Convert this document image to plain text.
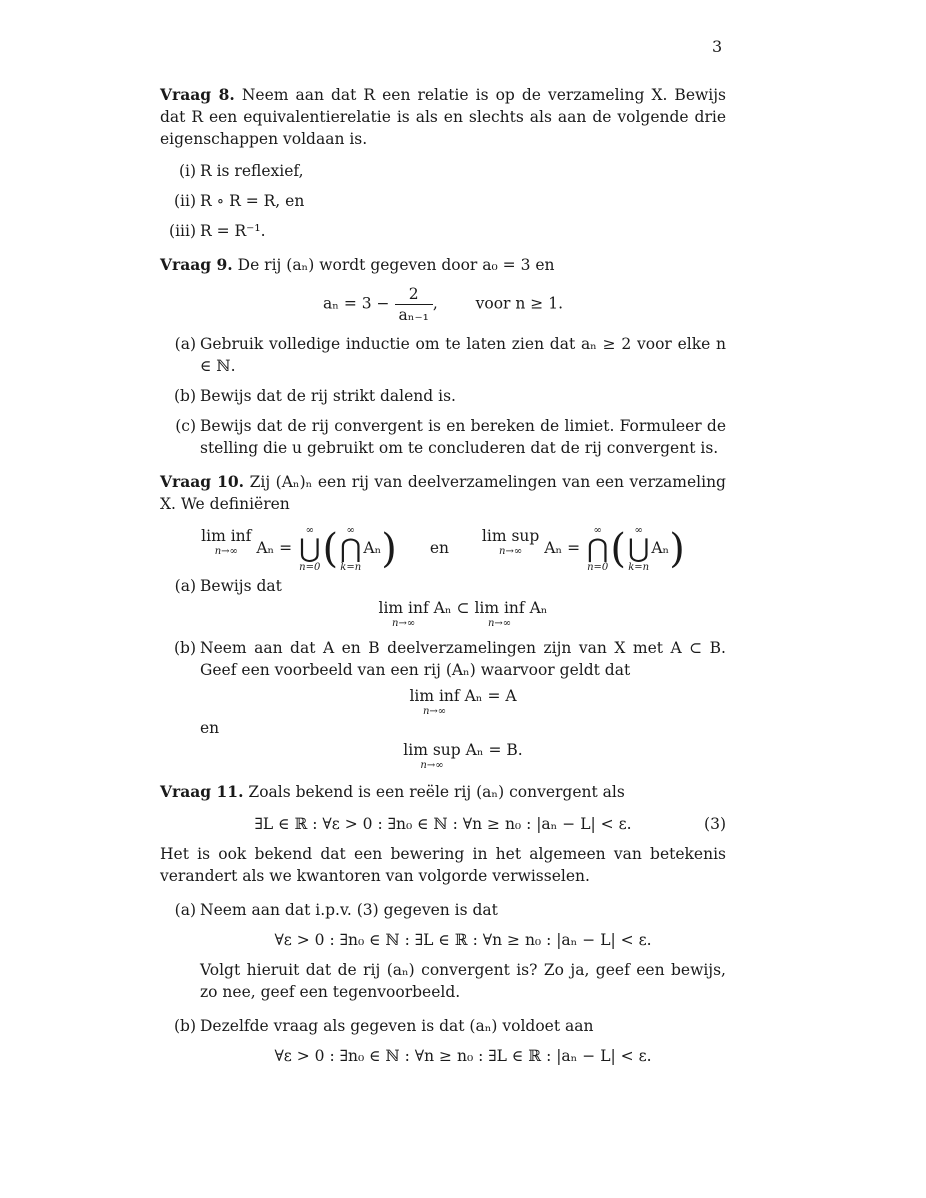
3

Vraag 8. Neem aan dat R een relatie is op de verzameling X. Bewijs dat R een equivalentierelatie is als en slechts als aan de volgende drie eigenschappen voldaan is.

(i) R is reflexief,
(ii) R ∘ R = R, en
(iii) R = R⁻¹.

Vraag 9. De rij (aₙ) wordt gegeven door a₀ = 3 en

$a_n = 3 - \frac{2}{\text{aₙ₋₁}}$ ,  voor n ≥ 1.
(a) Gebruik volledige inductie om te laten zien dat aₙ ≥ 2 voor elke n ∈ ℕ.
(b) Bewijs dat de rij strikt dalend is.
(c) Bewijs dat de rij convergent is en bereken de limiet. Formuleer de stelling die u gebruikt om te concluderen dat de rij convergent is.

Vraag 10. Zij (Aₙ)ₙ een rij van deelverzamelingen van een verzameling X. We definiëren

lim inf
n→∞	Aₙ =
∞
⋃
n=0 ( ∞
⋂
k=n
Aₙ) en lim sup
n→∞	Aₙ =
∞
⋂
n=0 ( ∞
⋃
k=n
Aₙ)
(a) Bewijs dat
lim inf
n→∞
Aₙ ⊂ lim inf
n→∞
Aₙ
(b) Neem aan dat A en B deelverzamelingen zijn van X met A ⊂ B. Geef een voorbeeld van een rij (Aₙ) waarvoor geldt dat
lim inf
n→∞
Aₙ = A
en
lim sup
n→∞
Aₙ = B.

Vraag 11. Zoals bekend is een reële rij (aₙ) convergent als

∃L ∈ ℝ : ∀ε > 0 : ∃n₀ ∈ ℕ : ∀n ≥ n₀ : |aₙ − L| < ε.	(3)

Het is ook bekend dat een bewering in het algemeen van betekenis verandert als we kwantoren van volgorde verwisselen.

(a) Neem aan dat i.p.v. (3) gegeven is dat
∀ε > 0 : ∃n₀ ∈ ℕ : ∃L ∈ ℝ : ∀n ≥ n₀ : |aₙ − L| < ε.
Volgt hieruit dat de rij (aₙ) convergent is? Zo ja, geef een bewijs, zo nee, geef een tegenvoorbeeld.
(b) Dezelfde vraag als gegeven is dat (aₙ) voldoet aan
∀ε > 0 : ∃n₀ ∈ ℕ : ∀n ≥ n₀ : ∃L ∈ ℝ : |aₙ − L| < ε.
